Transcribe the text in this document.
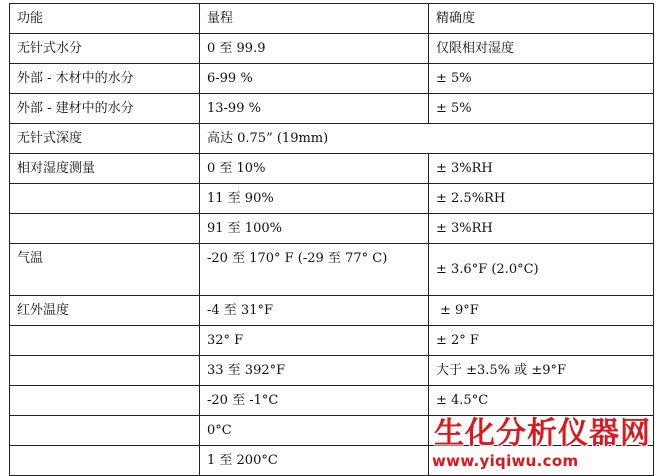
功能	量程	精确度

无针式水分	0 至 99.9	仅限相对湿度

外部 - 木材中的水分	6-99 %	± 5%

外部 - 建材中的水分	13-99 %	± 5%

无针式深度	高达 0.75” (19mm)	

相对湿度测量	0 至 10%	± 3%RH

	11 至 90%	± 2.5%RH

	91 至 100%	± 3%RH

气温	-20 至 170° F (-29 至 77° C)	± 3.6°F (2.0°C)

红外温度	-4 至 31°F	± 9°F

	32° F	± 2° F

	33 至 392°F	大于 ±3.5% 或 ±9°F

	-20 至 -1°C	± 4.5°C

	0°C	

	1 至 200°C	

生化分析仪器网
www.yiqiwu.com
